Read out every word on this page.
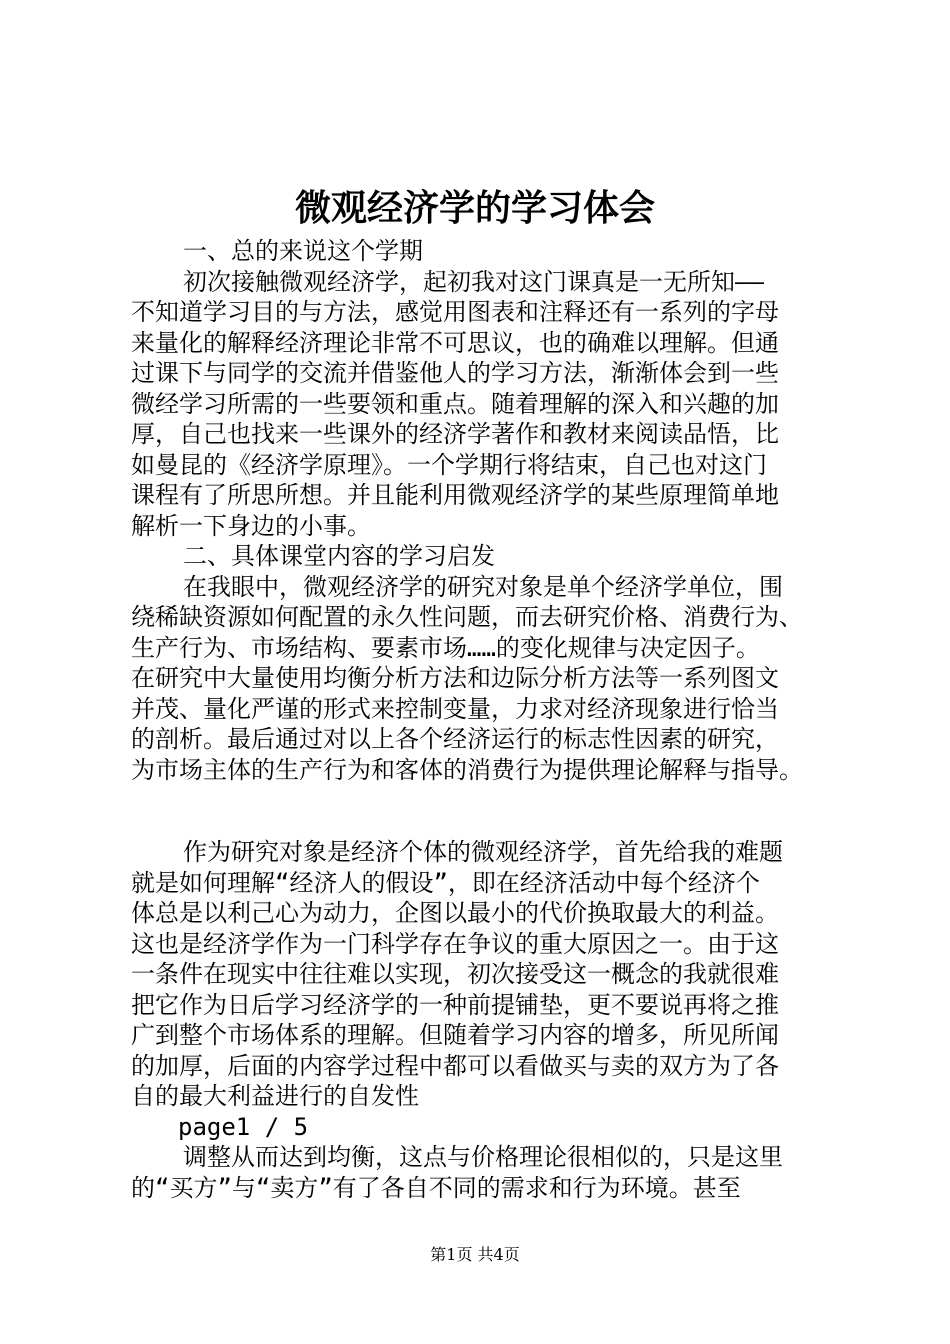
微观经济学的学习体会
一、总的来说这个学期
初次接触微观经济学，起初我对这门课真是一无所知——
不知道学习目的与方法，感觉用图表和注释还有一系列的字母
来量化的解释经济理论非常不可思议，也的确难以理解。但通
过课下与同学的交流并借鉴他人的学习方法，渐渐体会到一些
微经学习所需的一些要领和重点。随着理解的深入和兴趣的加
厚，自己也找来一些课外的经济学著作和教材来阅读品悟，比
如曼昆的《经济学原理》。一个学期行将结束，自己也对这门
课程有了所思所想。并且能利用微观经济学的某些原理简单地
解析一下身边的小事。
二、具体课堂内容的学习启发
在我眼中，微观经济学的研究对象是单个经济学单位，围
绕稀缺资源如何配置的永久性问题，而去研究价格、消费行为、
生产行为、市场结构、要素市场……的变化规律与决定因子。
在研究中大量使用均衡分析方法和边际分析方法等一系列图文
并茂、量化严谨的形式来控制变量，力求对经济现象进行恰当
的剖析。最后通过对以上各个经济运行的标志性因素的研究，
为市场主体的生产行为和客体的消费行为提供理论解释与指导。
作为研究对象是经济个体的微观经济学，首先给我的难题
就是如何理解“经济人的假设”，即在经济活动中每个经济个
体总是以利己心为动力，企图以最小的代价换取最大的利益。
这也是经济学作为一门科学存在争议的重大原因之一。由于这
一条件在现实中往往难以实现，初次接受这一概念的我就很难
把它作为日后学习经济学的一种前提铺垫，更不要说再将之推
广到整个市场体系的理解。但随着学习内容的增多，所见所闻
的加厚，后面的内容学过程中都可以看做买与卖的双方为了各
自的最大利益进行的自发性
page1 / 5
调整从而达到均衡，这点与价格理论很相似的，只是这里
的“买方”与“卖方”有了各自不同的需求和行为环境。甚至
第1页 共4页
